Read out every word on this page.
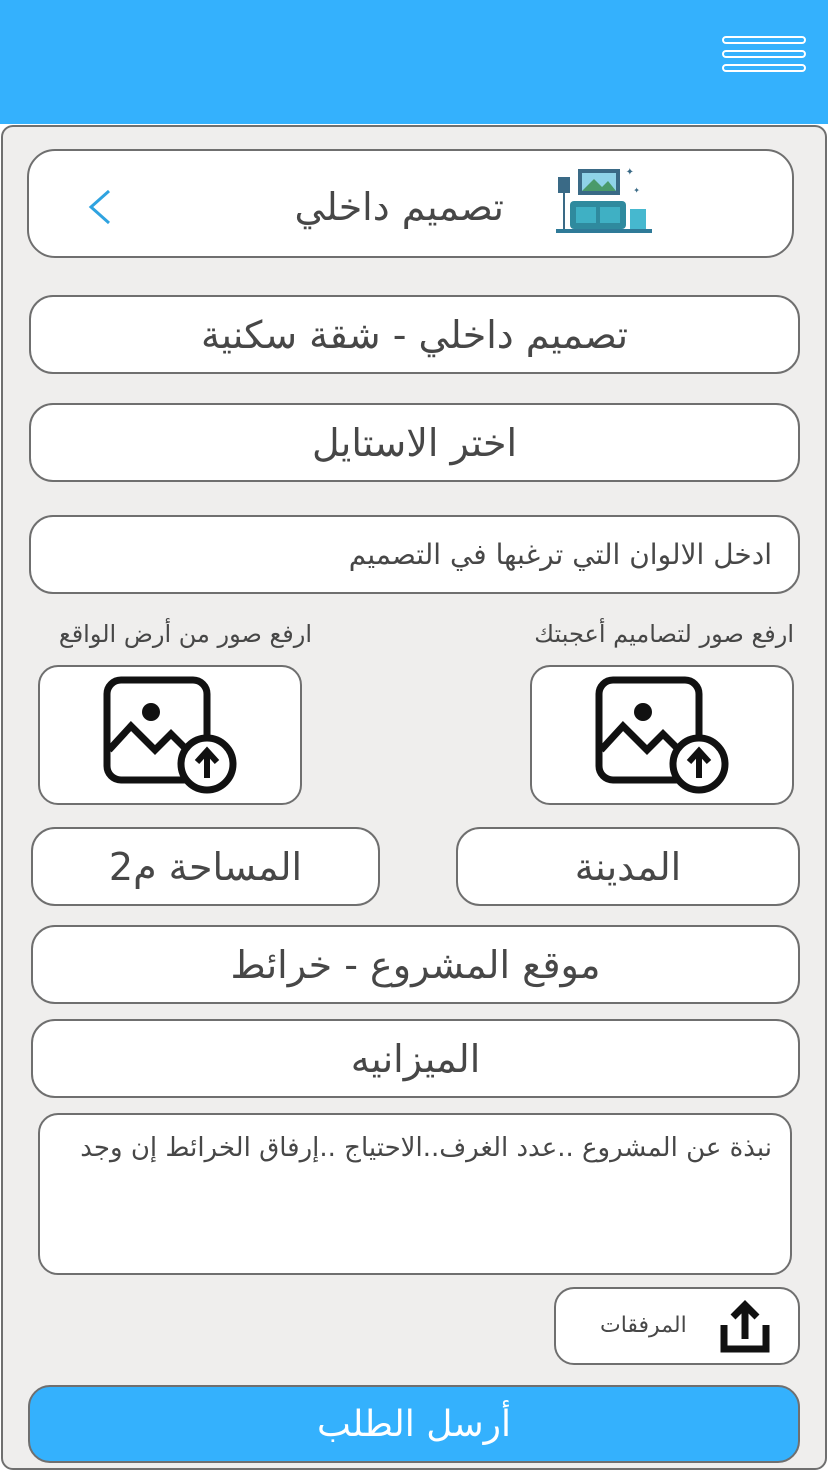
تصميم داخلي
✦
✦
تصميم داخلي - شقة سكنية
اختر الاستايل
ادخل الالوان التي ترغبها في التصميم
ارفع صور لتصاميم أعجبتك
ارفع صور من أرض الواقع
المساحة م2	المدينة
موقع المشروع - خرائط
الميزانيه
نبذة عن المشروع ..عدد الغرف..الاحتياج ..إرفاق الخرائط إن وجد
المرفقات
أرسل الطلب
